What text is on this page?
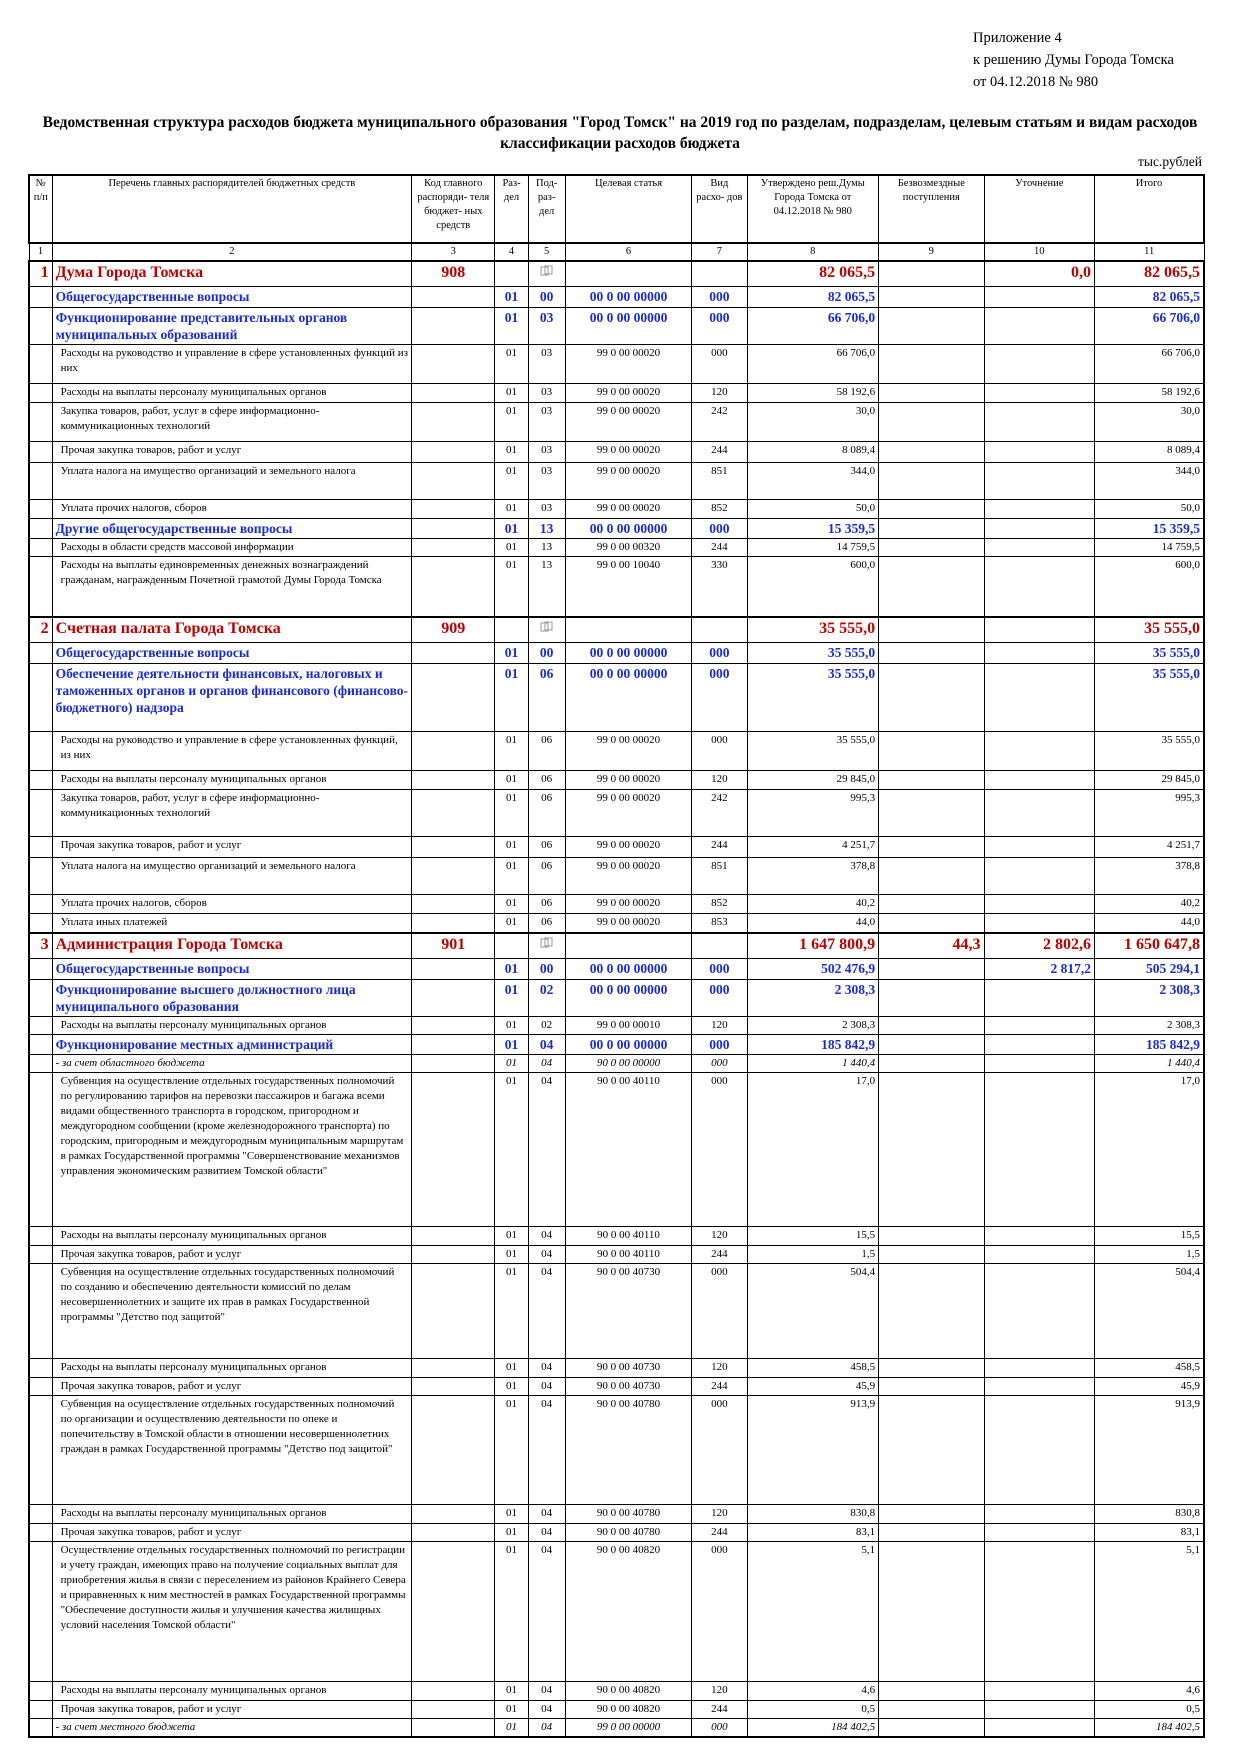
Приложение 4
к решению Думы Города Томска
от 04.12.2018 № 980
Ведомственная структура расходов бюджета муниципального образования "Город Томск" на 2019 год по разделам, подразделам, целевым статьям и видам расходов классификации расходов бюджета
тыс.рублей
№ п/п	Перечень главных распорядителей бюджетных средств	Код главного распоряди- теля бюджет- ных средств	Раз- дел	Под- раз- дел	Целевая статья	Вид расхо- дов	Утверждено реш.Думы Города Томска от 04.12.2018 № 980	Безвозмездные поступления	Уточнение	Итого
1	2	3	4	5	6	7	8	9	10	11
1	Дума Города Томска	908					82 065,5		0,0	82 065,5
	Общегосударственные вопросы		01	00	00 0 00 00000	000	82 065,5			82 065,5
	Функционирование представительных органов муниципальных образований		01	03	00 0 00 00000	000	66 706,0			66 706,0
	Расходы на руководство и управление в сфере установленных функций из них		01	03	99 0 00 00020	000	66 706,0			66 706,0
	Расходы на выплаты персоналу муниципальных органов		01	03	99 0 00 00020	120	58 192,6			58 192,6
	Закупка товаров, работ, услуг в сфере информационно-коммуникационных технологий		01	03	99 0 00 00020	242	30,0			30,0
	Прочая закупка товаров, работ и услуг		01	03	99 0 00 00020	244	8 089,4			8 089,4
	Уплата налога на имущество организаций и земельного налога		01	03	99 0 00 00020	851	344,0			344,0
	Уплата прочих налогов, сборов		01	03	99 0 00 00020	852	50,0			50,0
	Другие общегосударственные вопросы		01	13	00 0 00 00000	000	15 359,5			15 359,5
	Расходы в области средств массовой информации		01	13	99 0 00 00320	244	14 759,5			14 759,5
	Расходы на выплаты единовременных денежных вознаграждений гражданам, награжденным Почетной грамотой Думы Города Томска		01	13	99 0 00 10040	330	600,0			600,0
2	Счетная палата Города Томска	909					35 555,0			35 555,0
	Общегосударственные вопросы		01	00	00 0 00 00000	000	35 555,0			35 555,0
	Обеспечение деятельности финансовых, налоговых и таможенных органов и органов финансового (финансово-бюджетного) надзора		01	06	00 0 00 00000	000	35 555,0			35 555,0
	Расходы на руководство и управление в сфере установленных функций, из них		01	06	99 0 00 00020	000	35 555,0			35 555,0
	Расходы на выплаты персоналу муниципальных органов		01	06	99 0 00 00020	120	29 845,0			29 845,0
	Закупка товаров, работ, услуг в сфере информационно-коммуникационных технологий		01	06	99 0 00 00020	242	995,3			995,3
	Прочая закупка товаров, работ и услуг		01	06	99 0 00 00020	244	4 251,7			4 251,7
	Уплата налога на имущество организаций и земельного налога		01	06	99 0 00 00020	851	378,8			378,8
	Уплата прочих налогов, сборов		01	06	99 0 00 00020	852	40,2			40,2
	Уплата иных платежей		01	06	99 0 00 00020	853	44,0			44,0
3	Администрация Города Томска	901					1 647 800,9	44,3	2 802,6	1 650 647,8
	Общегосударственные вопросы		01	00	00 0 00 00000	000	502 476,9		2 817,2	505 294,1
	Функционирование высшего должностного лица муниципального образования		01	02	00 0 00 00000	000	2 308,3			2 308,3
	Расходы на выплаты персоналу муниципальных органов		01	02	99 0 00 00010	120	2 308,3			2 308,3
	Функционирование местных администраций		01	04	00 0 00 00000	000	185 842,9			185 842,9
	- за счет областного бюджета		01	04	90 0 00 00000	000	1 440,4			1 440,4
	Субвенция на осуществление отдельных государственных полномочий по регулированию тарифов на перевозки пассажиров и багажа всеми видами общественного транспорта в городском, пригородном и междугородном сообщении (кроме железнодорожного транспорта) по городским, пригородным и междугородным муниципальным маршрутам в рамках Государственной программы "Совершенствование механизмов управления экономическим развитием Томской области"		01	04	90 0 00 40110	000	17,0			17,0
	Расходы на выплаты персоналу муниципальных органов		01	04	90 0 00 40110	120	15,5			15,5
	Прочая закупка товаров, работ и услуг		01	04	90 0 00 40110	244	1,5			1,5
	Субвенция на осуществление отдельных государственных полномочий по созданию и обеспечению деятельности комиссий по делам несовершеннолетних и защите их прав в рамках Государственной программы "Детство под защитой"		01	04	90 0 00 40730	000	504,4			504,4
	Расходы на выплаты персоналу муниципальных органов		01	04	90 0 00 40730	120	458,5			458,5
	Прочая закупка товаров, работ и услуг		01	04	90 0 00 40730	244	45,9			45,9
	Субвенция на осуществление отдельных государственных полномочий по организации и осуществлению деятельности по опеке и попечительству в Томской области в отношении несовершеннолетних граждан в рамках Государственной программы "Детство под защитой"		01	04	90 0 00 40780	000	913,9			913,9
	Расходы на выплаты персоналу муниципальных органов		01	04	90 0 00 40780	120	830,8			830,8
	Прочая закупка товаров, работ и услуг		01	04	90 0 00 40780	244	83,1			83,1
	Осуществление отдельных государственных полномочий по регистрации и учету граждан, имеющих право на получение социальных выплат для приобретения жилья в связи с переселением из районов Крайнего Севера и приравненных к ним местностей в рамках Государственной программы "Обеспечение доступности жилья и улучшения качества жилищных условий населения Томской области"		01	04	90 0 00 40820	000	5,1			5,1
	Расходы на выплаты персоналу муниципальных органов		01	04	90 0 00 40820	120	4,6			4,6
	Прочая закупка товаров, работ и услуг		01	04	90 0 00 40820	244	0,5			0,5
	- за счет местного бюджета		01	04	99 0 00 00000	000	184 402,5			184 402,5
